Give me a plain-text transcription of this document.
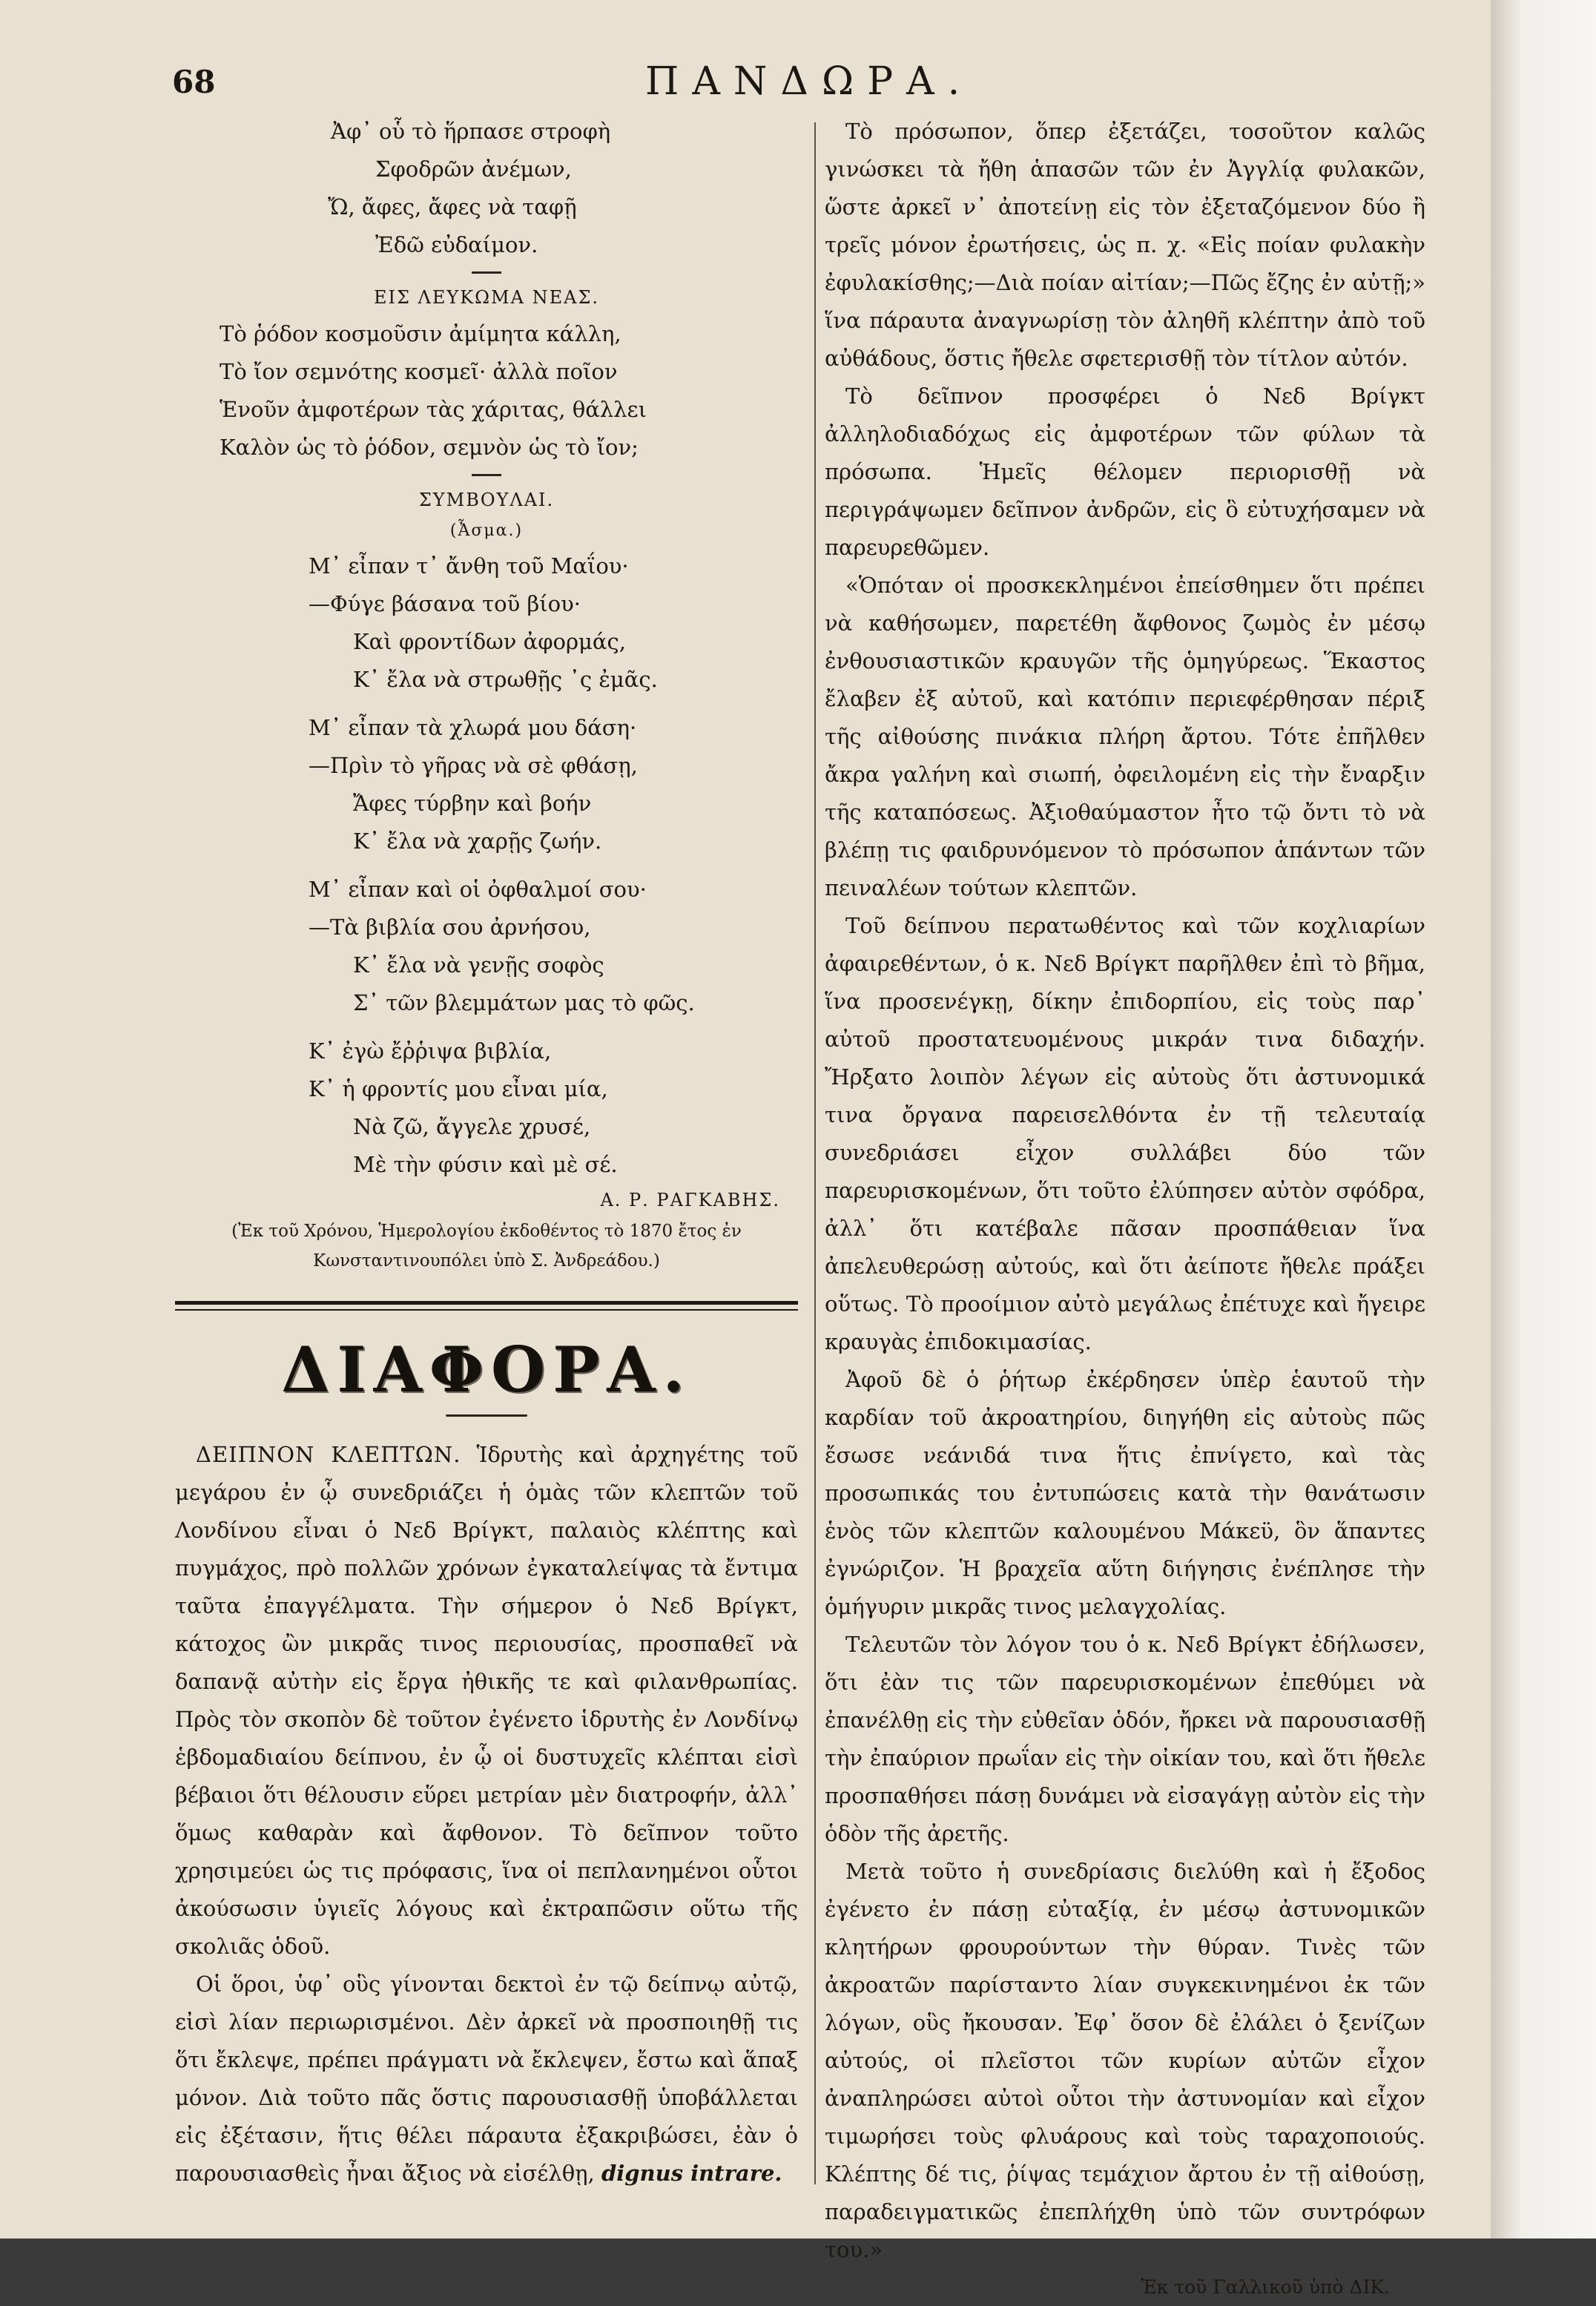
68	ΠΑΝΔΩΡΑ.
Ἀφ᾽ οὗ τὸ ἥρπασε στροφὴ
Σφοδρῶν ἀνέμων,
Ὤ, ἄφες, ἄφες νὰ ταφῇ
Ἐδῶ εὐδαίμον.
ΕΙΣ ΛΕΥΚΩΜΑ ΝΕΑΣ.
Τὸ ῥόδον κοσμοῦσιν ἀμίμητα κάλλη,
Τὸ ἴον σεμνότης κοσμεῖ· ἀλλὰ ποῖον
Ἑνοῦν ἀμφοτέρων τὰς χάριτας, θάλλει
Καλὸν ὡς τὸ ῥόδον, σεμνὸν ὡς τὸ ἴον;
ΣΥΜΒΟΥΛΑΙ.
(Ἆσμα.)
Μ᾽ εἶπαν τ᾽ ἄνθη τοῦ Μαΐου·
—Φύγε βάσανα τοῦ βίου·
Καὶ φροντίδων ἀφορμάς,
Κ᾽ ἔλα νὰ στρωθῇς ᾽ς ἐμᾶς.
Μ᾽ εἶπαν τὰ χλωρά μου δάση·
—Πρὶν τὸ γῆρας νὰ σὲ φθάσῃ,
Ἄφες τύρβην καὶ βοήν
Κ᾽ ἔλα νὰ χαρῇς ζωήν.
Μ᾽ εἶπαν καὶ οἱ ὀφθαλμοί σου·
—Τὰ βιβλία σου ἀρνήσου,
Κ᾽ ἔλα νὰ γενῇς σοφὸς
Σ᾽ τῶν βλεμμάτων μας τὸ φῶς.
Κ᾽ ἐγὼ ἔῤῥιψα βιβλία,
Κ᾽ ἡ φροντίς μου εἶναι μία,
Νὰ ζῶ, ἄγγελε χρυσέ,
Μὲ τὴν φύσιν καὶ μὲ σέ.
Α. Ρ. ΡΑΓΚΑΒΗΣ.
(Ἐκ τοῦ Χρόνου, Ἡμερολογίου ἐκδοθέντος τὸ 1870 ἔτος ἐν
Κωνσταντινουπόλει ὑπὸ Σ. Ἀνδρεάδου.)
ΔΙΑΦΟΡΑ.

ΔΕΙΠΝΟΝ ΚΛΕΠΤΩΝ. Ἱδρυτὴς καὶ ἀρχηγέτης τοῦ μεγάρου ἐν ᾧ συνεδριάζει ἡ ὁμὰς τῶν κλεπτῶν τοῦ Λονδίνου εἶναι ὁ Νεδ Βρίγκτ, παλαιὸς κλέπτης καὶ πυγμάχος, πρὸ πολλῶν χρόνων ἐγκαταλείψας τὰ ἔντιμα ταῦτα ἐπαγγέλματα. Τὴν σήμερον ὁ Νεδ Βρίγκτ, κάτοχος ὢν μικρᾶς τινος περιουσίας, προσπαθεῖ νὰ δαπανᾷ αὐτὴν εἰς ἔργα ἠθικῆς τε καὶ φιλανθρωπίας. Πρὸς τὸν σκοπὸν δὲ τοῦτον ἐγένετο ἱδρυτὴς ἐν Λονδίνῳ ἑβδομαδιαίου δείπνου, ἐν ᾧ οἱ δυστυχεῖς κλέπται εἰσὶ βέβαιοι ὅτι θέλουσιν εὕρει μετρίαν μὲν διατροφήν, ἀλλ᾽ ὅμως καθαρὰν καὶ ἄφθονον. Τὸ δεῖπνον τοῦτο χρησιμεύει ὡς τις πρόφασις, ἵνα οἱ πεπλανημένοι οὗτοι ἀκούσωσιν ὑγιεῖς λόγους καὶ ἐκτραπῶσιν οὕτω τῆς σκολιᾶς ὁδοῦ.

Οἱ ὅροι, ὑφ᾽ οὓς γίνονται δεκτοὶ ἐν τῷ δείπνῳ αὐτῷ, εἰσὶ λίαν περιωρισμένοι. Δὲν ἀρκεῖ νὰ προσποιηθῇ τις ὅτι ἔκλεψε, πρέπει πράγματι νὰ ἔκλεψεν, ἔστω καὶ ἅπαξ μόνον. Διὰ τοῦτο πᾶς ὅστις παρουσιασθῇ ὑποβάλλεται εἰς ἐξέτασιν, ἥτις θέλει πάραυτα ἐξακριβώσει, ἐὰν ὁ παρουσιασθεὶς ἦναι ἄξιος νὰ εἰσέλθῃ, dignus intrare.

Τὸ πρόσωπον, ὅπερ ἐξετάζει, τοσοῦτον καλῶς γινώσκει τὰ ἤθη ἁπασῶν τῶν ἐν Ἀγγλίᾳ φυλακῶν, ὥστε ἀρκεῖ ν᾽ ἀποτείνῃ εἰς τὸν ἐξεταζόμενον δύο ἢ τρεῖς μόνον ἐρωτήσεις, ὡς π. χ. «Εἰς ποίαν φυλακὴν ἐφυλακίσθης;—Διὰ ποίαν αἰτίαν;—Πῶς ἔζης ἐν αὐτῇ;» ἵνα πάραυτα ἀναγνωρίσῃ τὸν ἀληθῆ κλέπτην ἀπὸ τοῦ αὐθάδους, ὅστις ἤθελε σφετερισθῇ τὸν τίτλον αὐτόν.

Τὸ δεῖπνον προσφέρει ὁ Νεδ Βρίγκτ ἀλληλοδιαδόχως εἰς ἀμφοτέρων τῶν φύλων τὰ πρόσωπα. Ἡμεῖς θέλομεν περιορισθῇ νὰ περιγράψωμεν δεῖπνον ἀνδρῶν, εἰς ὃ εὐτυχήσαμεν νὰ παρευρεθῶμεν.

«Ὁπόταν οἱ προσκεκλημένοι ἐπείσθημεν ὅτι πρέπει νὰ καθήσωμεν, παρετέθη ἄφθονος ζωμὸς ἐν μέσῳ ἐνθουσιαστικῶν κραυγῶν τῆς ὁμηγύρεως. Ἕκαστος ἔλαβεν ἐξ αὐτοῦ, καὶ κατόπιν περιεφέρθησαν πέριξ τῆς αἰθούσης πινάκια πλήρη ἄρτου. Τότε ἐπῆλθεν ἄκρα γαλήνη καὶ σιωπή, ὀφειλομένη εἰς τὴν ἔναρξιν τῆς καταπόσεως. Ἀξιοθαύμαστον ἦτο τῷ ὄντι τὸ νὰ βλέπῃ τις φαιδρυνόμενον τὸ πρόσωπον ἁπάντων τῶν πειναλέων τούτων κλεπτῶν.

Τοῦ δείπνου περατωθέντος καὶ τῶν κοχλιαρίων ἀφαιρεθέντων, ὁ κ. Νεδ Βρίγκτ παρῆλθεν ἐπὶ τὸ βῆμα, ἵνα προσενέγκῃ, δίκην ἐπιδορπίου, εἰς τοὺς παρ᾽ αὐτοῦ προστατευομένους μικράν τινα διδαχήν. Ἤρξατο λοιπὸν λέγων εἰς αὐτοὺς ὅτι ἀστυνομικά τινα ὄργανα παρεισελθόντα ἐν τῇ τελευταίᾳ συνεδριάσει εἶχον συλλάβει δύο τῶν παρευρισκομένων, ὅτι τοῦτο ἐλύπησεν αὐτὸν σφόδρα, ἀλλ᾽ ὅτι κατέβαλε πᾶσαν προσπάθειαν ἵνα ἀπελευθερώσῃ αὐτούς, καὶ ὅτι ἀείποτε ἤθελε πράξει οὕτως. Τὸ προοίμιον αὐτὸ μεγάλως ἐπέτυχε καὶ ἤγειρε κραυγὰς ἐπιδοκιμασίας.

Ἀφοῦ δὲ ὁ ῥήτωρ ἐκέρδησεν ὑπὲρ ἑαυτοῦ τὴν καρδίαν τοῦ ἀκροατηρίου, διηγήθη εἰς αὐτοὺς πῶς ἔσωσε νεάνιδά τινα ἥτις ἐπνίγετο, καὶ τὰς προσωπικάς του ἐντυπώσεις κατὰ τὴν θανάτωσιν ἑνὸς τῶν κλεπτῶν καλουμένου Μάκεϋ, ὃν ἅπαντες ἐγνώριζον. Ἡ βραχεῖα αὕτη διήγησις ἐνέπλησε τὴν ὁμήγυριν μικρᾶς τινος μελαγχολίας.

Τελευτῶν τὸν λόγον του ὁ κ. Νεδ Βρίγκτ ἐδήλωσεν, ὅτι ἐὰν τις τῶν παρευρισκομένων ἐπεθύμει νὰ ἐπανέλθῃ εἰς τὴν εὐθεῖαν ὁδόν, ἤρκει νὰ παρουσιασθῇ τὴν ἐπαύριον πρωΐαν εἰς τὴν οἰκίαν του, καὶ ὅτι ἤθελε προσπαθήσει πάσῃ δυνάμει νὰ εἰσαγάγῃ αὐτὸν εἰς τὴν ὁδὸν τῆς ἀρετῆς.

Μετὰ τοῦτο ἡ συνεδρίασις διελύθη καὶ ἡ ἔξοδος ἐγένετο ἐν πάσῃ εὐταξίᾳ, ἐν μέσῳ ἀστυνομικῶν κλητήρων φρουρούντων τὴν θύραν. Τινὲς τῶν ἀκροατῶν παρίσταντο λίαν συγκεκινημένοι ἐκ τῶν λόγων, οὓς ἤκουσαν. Ἐφ᾽ ὅσον δὲ ἐλάλει ὁ ξενίζων αὐτούς, οἱ πλεῖστοι τῶν κυρίων αὐτῶν εἶχον ἀναπληρώσει αὐτοὶ οὗτοι τὴν ἀστυνομίαν καὶ εἶχον τιμωρήσει τοὺς φλυάρους καὶ τοὺς ταραχοποιούς. Κλέπτης δέ τις, ῥίψας τεμάχιον ἄρτου ἐν τῇ αἰθούσῃ, παραδειγματικῶς ἐπεπλήχθη ὑπὸ τῶν συντρόφων του.»

Ἐκ τοῦ Γαλλικοῦ ὑπὸ ΔΙΚ.
